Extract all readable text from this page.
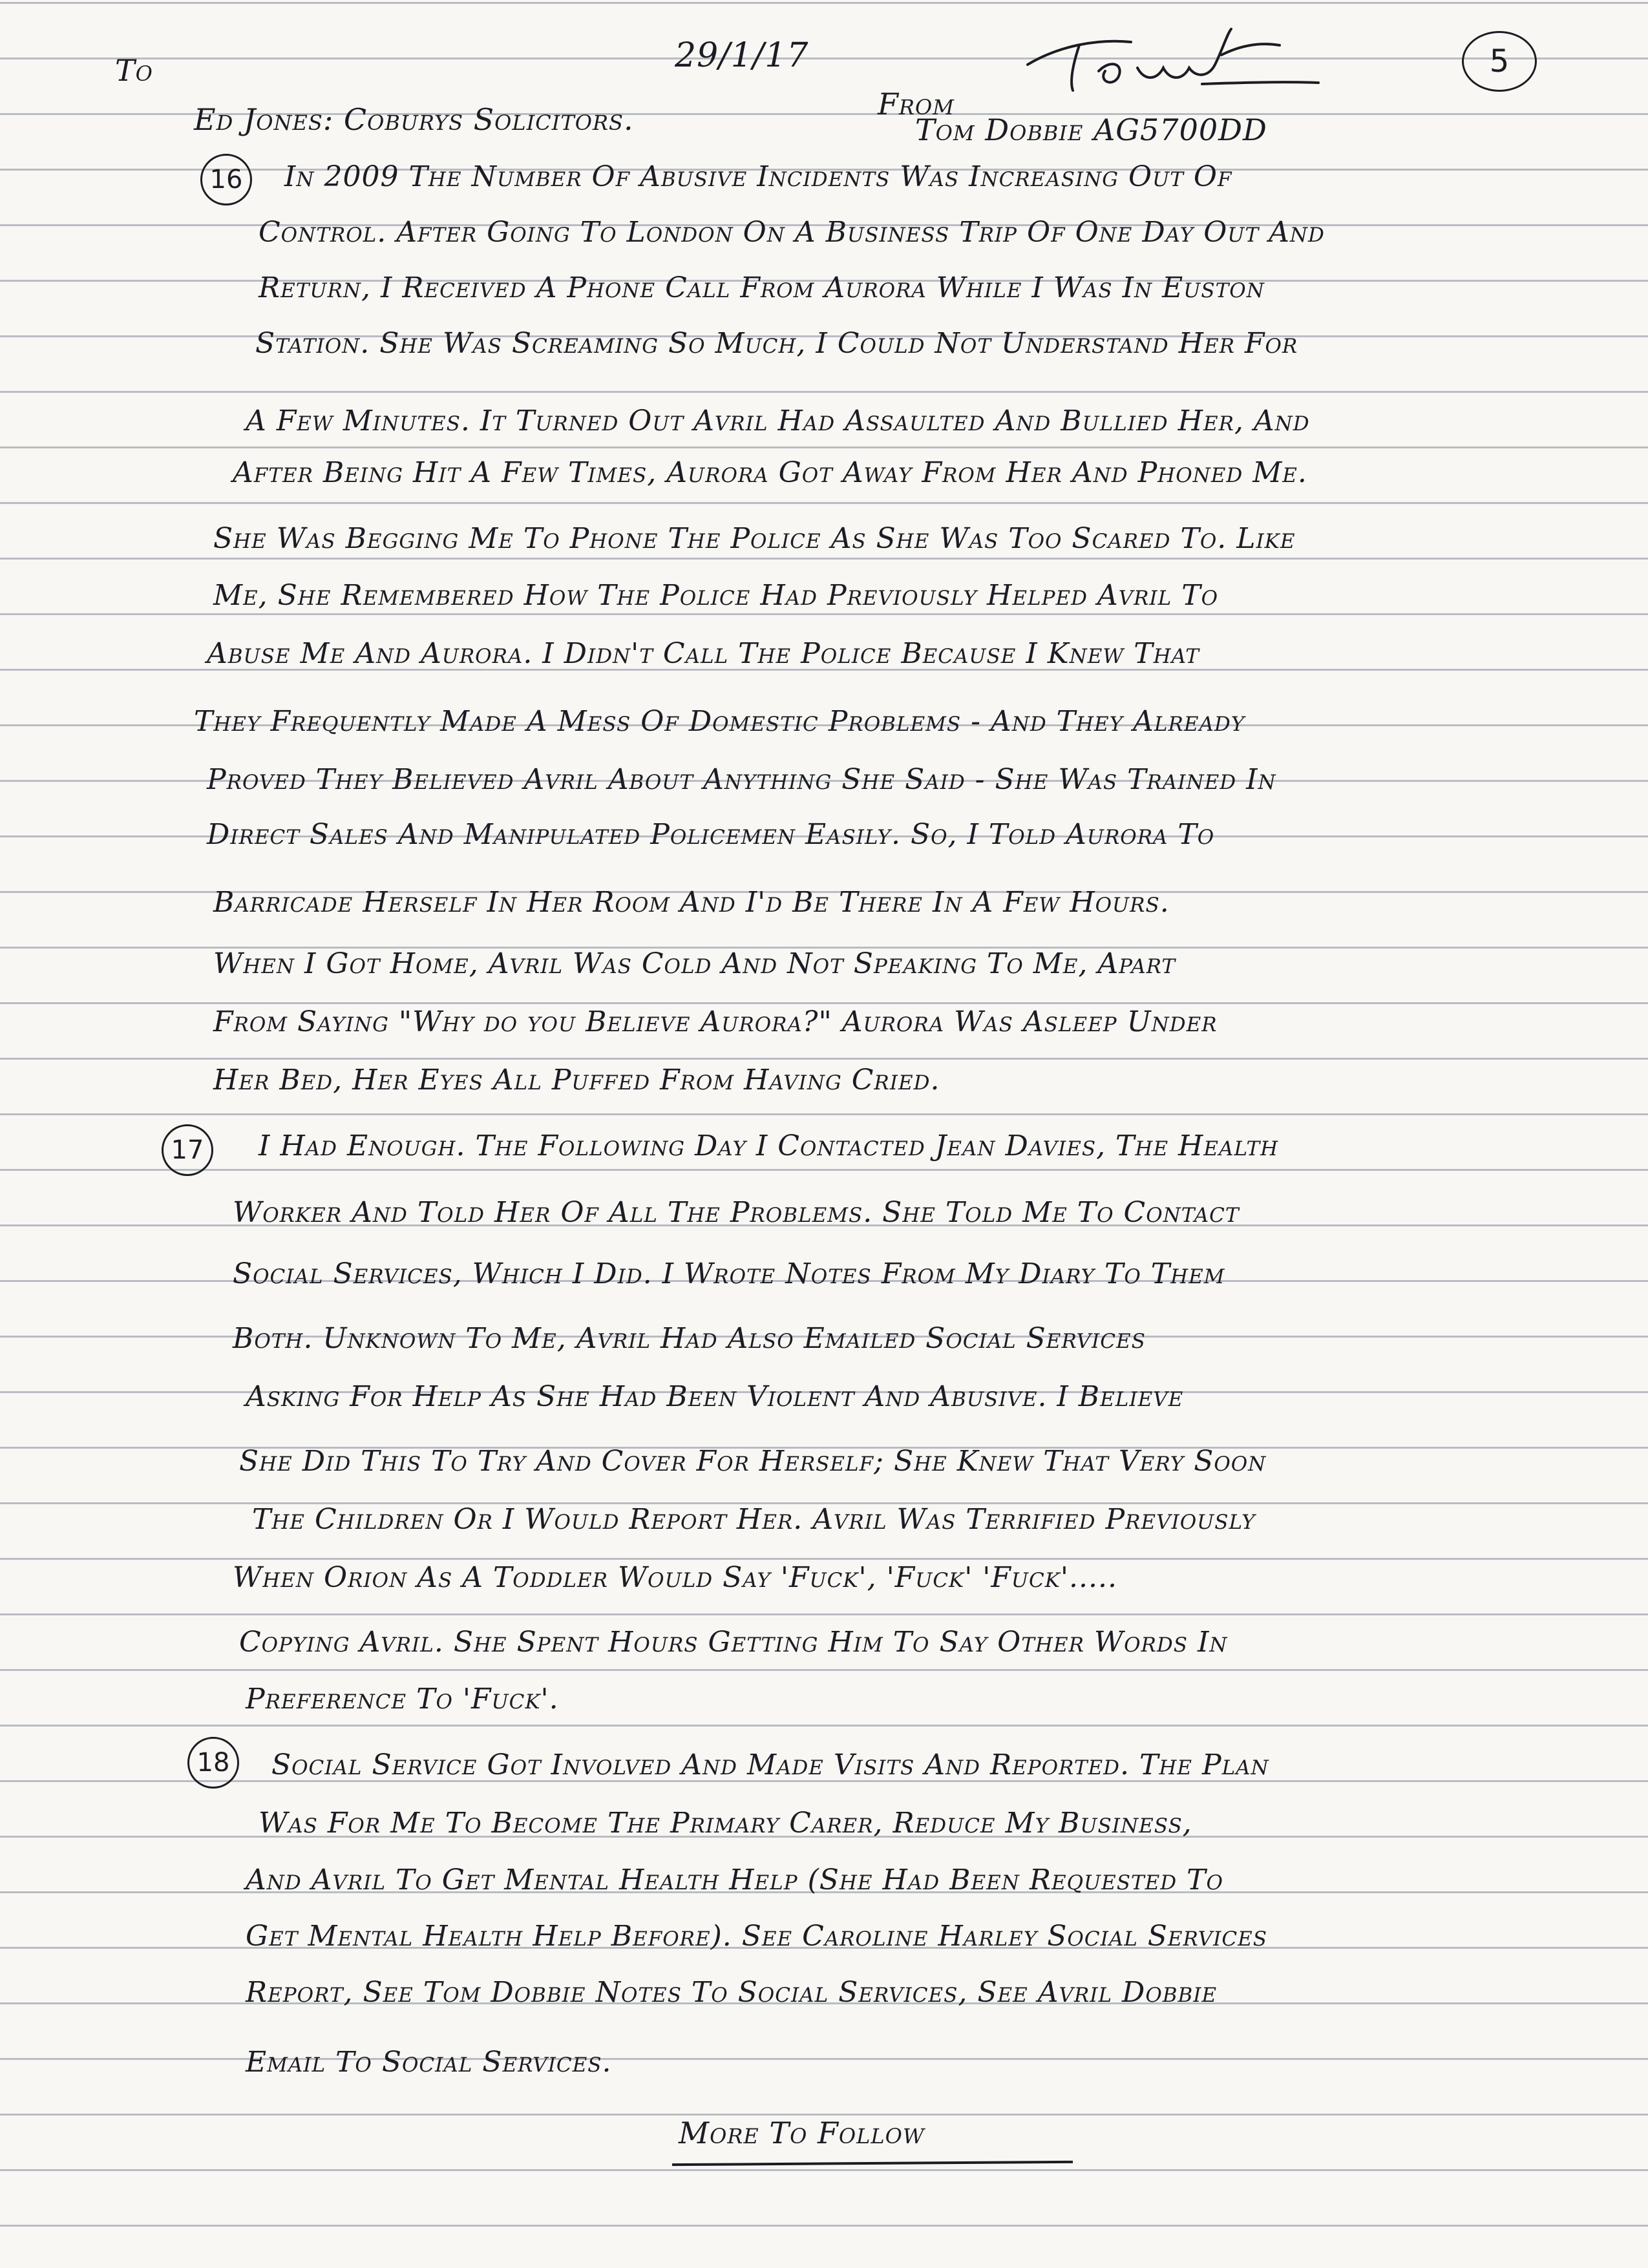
To	29/1/17
Ed Jones: Coburys Solicitors.	From
Tom Dobbie AG5700DD
5
16	In 2009 The Number Of Abusive Incidents Was Increasing Out Of
Control. After Going To London On A Business Trip Of One Day Out And
Return, I Received A Phone Call From Aurora While I Was In Euston
Station. She Was Screaming So Much, I Could Not Understand Her For
A Few Minutes. It Turned Out Avril Had Assaulted And Bullied Her, And
After Being Hit A Few Times, Aurora Got Away From Her And Phoned Me.
She Was Begging Me To Phone The Police As She Was Too Scared To. Like
Me, She Remembered How The Police Had Previously Helped Avril To
Abuse Me And Aurora. I Didn't Call The Police Because I Knew That
They Frequently Made A Mess Of Domestic Problems - And They Already
Proved They Believed Avril About Anything She Said - She Was Trained In
Direct Sales And Manipulated Policemen Easily. So, I Told Aurora To
Barricade Herself In Her Room And I'd Be There In A Few Hours.
When I Got Home, Avril Was Cold And Not Speaking To Me, Apart
From Saying "Why do you Believe Aurora?" Aurora Was Asleep Under
Her Bed, Her Eyes All Puffed From Having Cried.
17	I Had Enough. The Following Day I Contacted Jean Davies, The Health
Worker And Told Her Of All The Problems. She Told Me To Contact
Social Services, Which I Did. I Wrote Notes From My Diary To Them
Both. Unknown To Me, Avril Had Also Emailed Social Services
Asking For Help As She Had Been Violent And Abusive. I Believe
She Did This To Try And Cover For Herself; She Knew That Very Soon
The Children Or I Would Report Her. Avril Was Terrified Previously
When Orion As A Toddler Would Say 'Fuck', 'Fuck' 'Fuck'.....
Copying Avril. She Spent Hours Getting Him To Say Other Words In
Preference To 'Fuck'.
18	Social Service Got Involved And Made Visits And Reported. The Plan
Was For Me To Become The Primary Carer, Reduce My Business,
And Avril To Get Mental Health Help (She Had Been Requested To
Get Mental Health Help Before). See Caroline Harley Social Services
Report, See Tom Dobbie Notes To Social Services, See Avril Dobbie
Email To Social Services.
More To Follow
